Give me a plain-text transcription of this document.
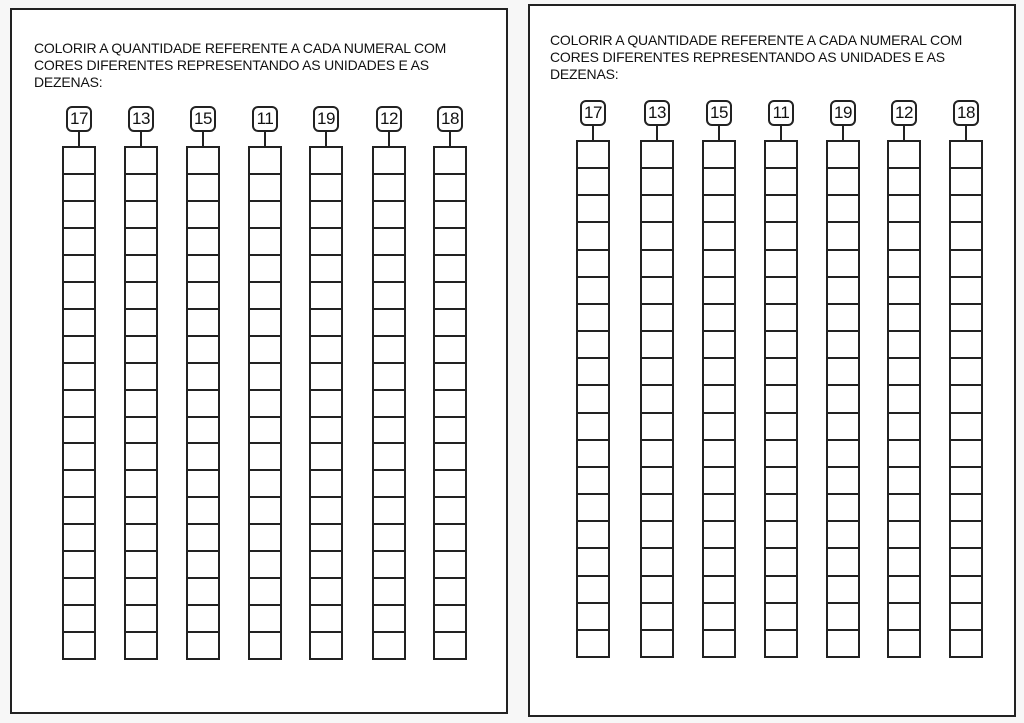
COLORIR A QUANTIDADE REFERENTE A CADA NUMERAL COM CORES DIFERENTES REPRESENTANDO AS UNIDADES E AS DEZENAS:

17	13	15	11	19	12	18

COLORIR A QUANTIDADE REFERENTE A CADA NUMERAL COM CORES DIFERENTES REPRESENTANDO AS UNIDADES E AS DEZENAS:

17	13	15	11	19	12	18
